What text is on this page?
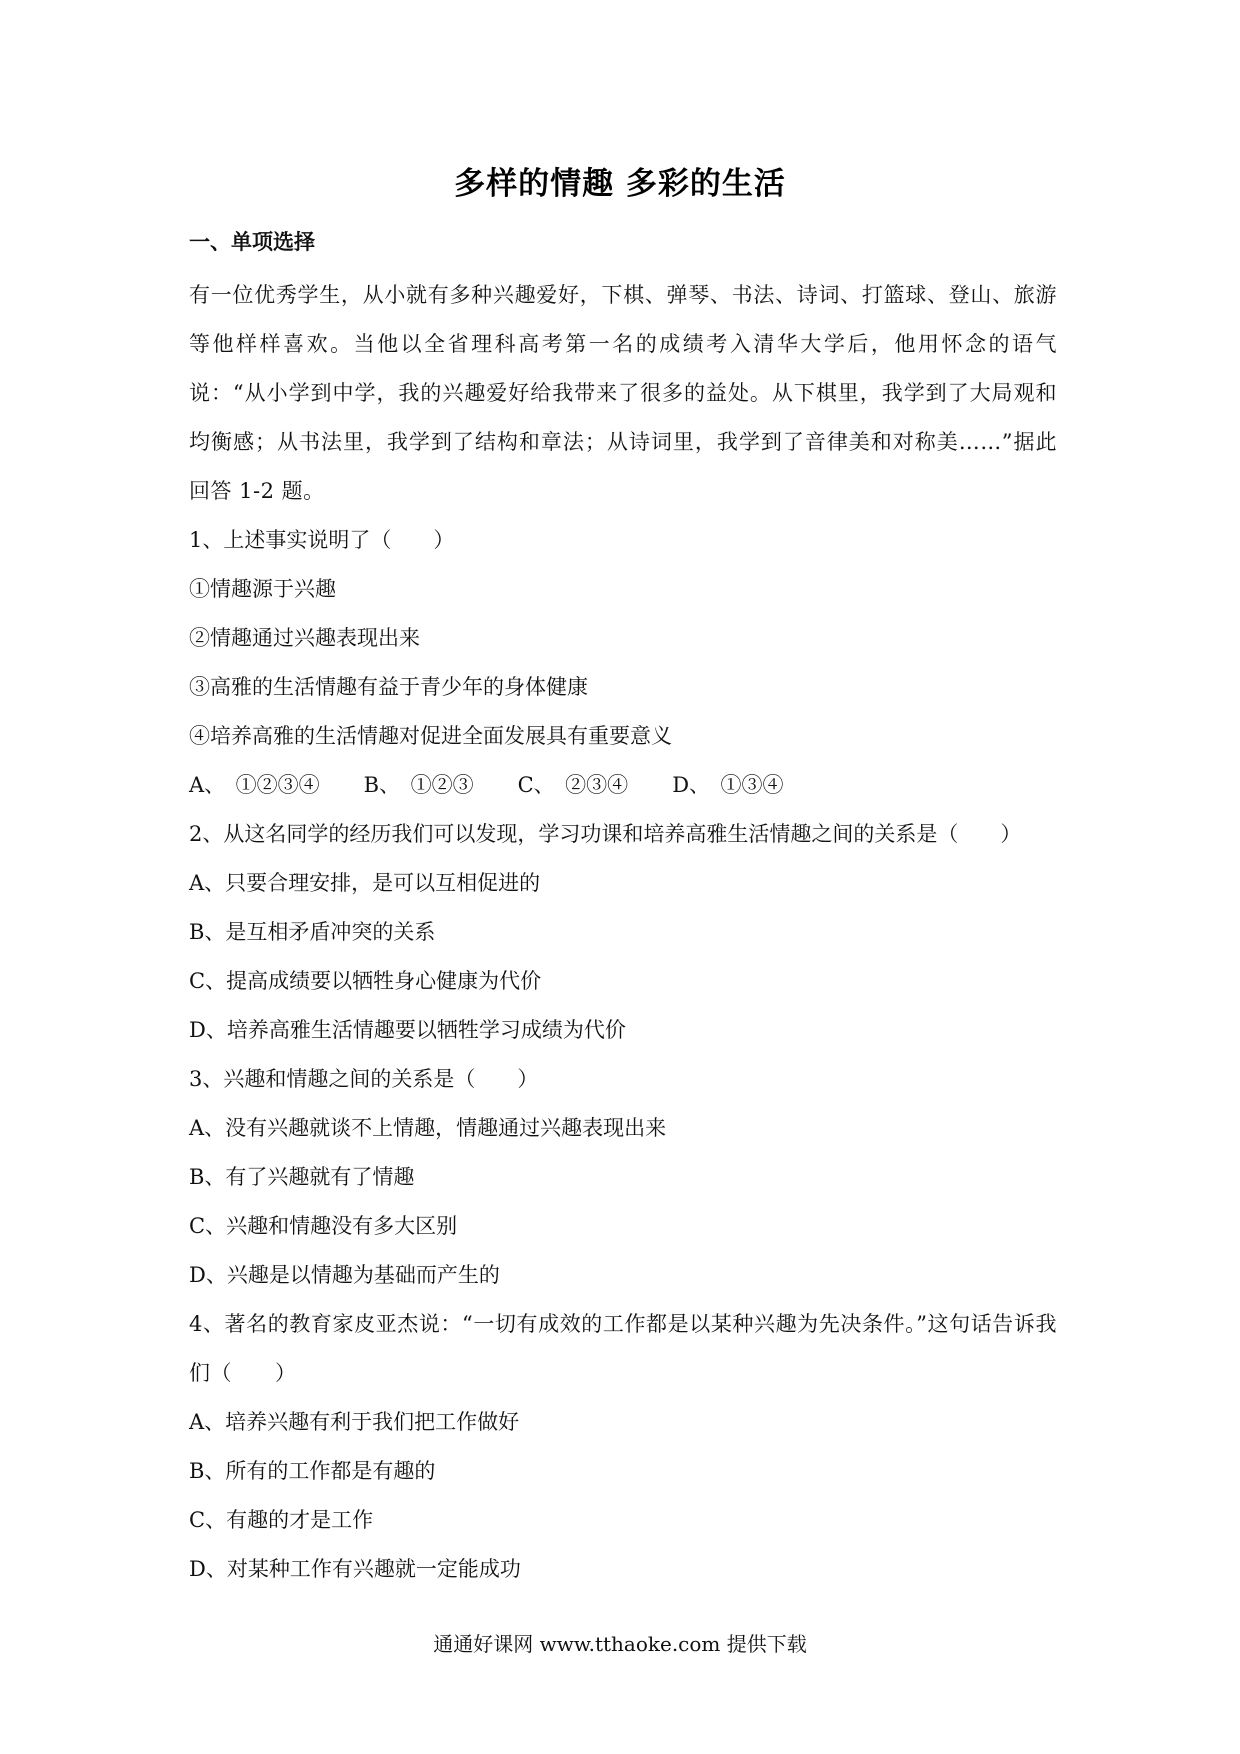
多样的情趣 多彩的生活
一、单项选择
有一位优秀学生，从小就有多种兴趣爱好，下棋、弹琴、书法、诗词、打篮球、登山、旅游等他样样喜欢。当他以全省理科高考第一名的成绩考入清华大学后，他用怀念的语气说：“从小学到中学，我的兴趣爱好给我带来了很多的益处。从下棋里，我学到了大局观和均衡感；从书法里，我学到了结构和章法；从诗词里，我学到了音律美和对称美……”据此回答 1-2 题。
1、上述事实说明了（　　）
①情趣源于兴趣
②情趣通过兴趣表现出来
③高雅的生活情趣有益于青少年的身体健康
④培养高雅的生活情趣对促进全面发展具有重要意义
A、　①②③④ B、　①②③ C、　②③④ D、　①③④
2、从这名同学的经历我们可以发现，学习功课和培养高雅生活情趣之间的关系是（　　）
A、只要合理安排，是可以互相促进的
B、是互相矛盾冲突的关系
C、提高成绩要以牺牲身心健康为代价
D、培养高雅生活情趣要以牺牲学习成绩为代价
3、兴趣和情趣之间的关系是（　　）
A、没有兴趣就谈不上情趣，情趣通过兴趣表现出来
B、有了兴趣就有了情趣
C、兴趣和情趣没有多大区别
D、兴趣是以情趣为基础而产生的
4、著名的教育家皮亚杰说：“一切有成效的工作都是以某种兴趣为先决条件。”这句话告诉我们（　　）
A、培养兴趣有利于我们把工作做好
B、所有的工作都是有趣的
C、有趣的才是工作
D、对某种工作有兴趣就一定能成功
通通好课网 www.tthaoke.com 提供下载
